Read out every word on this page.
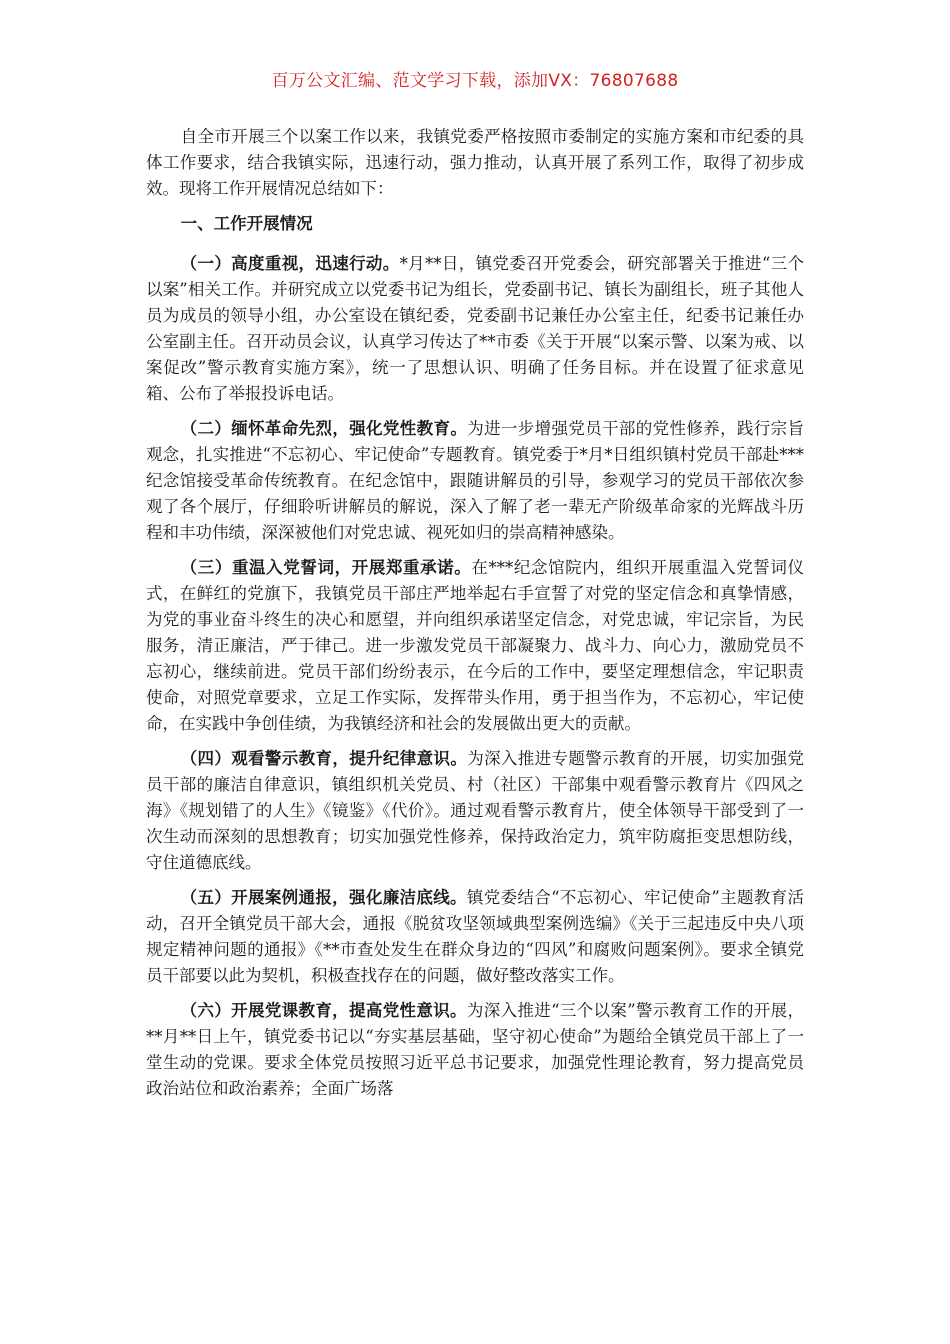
百万公文汇编、范文学习下载，添加VX：76807688

自全市开展三个以案工作以来，我镇党委严格按照市委制定的实施方案和市纪委的具体工作要求，结合我镇实际，迅速行动，强力推动，认真开展了系列工作，取得了初步成效。现将工作开展情况总结如下：

一、工作开展情况

（一）高度重视，迅速行动。*月**日，镇党委召开党委会，研究部署关于推进“三个以案”相关工作。并研究成立以党委书记为组长，党委副书记、镇长为副组长，班子其他人员为成员的领导小组，办公室设在镇纪委，党委副书记兼任办公室主任，纪委书记兼任办公室副主任。召开动员会议，认真学习传达了**市委《关于开展“以案示警、以案为戒、以案促改”警示教育实施方案》，统一了思想认识、明确了任务目标。并在设置了征求意见箱、公布了举报投诉电话。

（二）缅怀革命先烈，强化党性教育。为进一步增强党员干部的党性修养，践行宗旨观念，扎实推进“不忘初心、牢记使命”专题教育。镇党委于*月*日组织镇村党员干部赴***纪念馆接受革命传统教育。在纪念馆中，跟随讲解员的引导，参观学习的党员干部依次参观了各个展厅，仔细聆听讲解员的解说，深入了解了老一辈无产阶级革命家的光辉战斗历程和丰功伟绩，深深被他们对党忠诚、视死如归的崇高精神感染。

（三）重温入党誓词，开展郑重承诺。在***纪念馆院内，组织开展重温入党誓词仪式，在鲜红的党旗下，我镇党员干部庄严地举起右手宣誓了对党的坚定信念和真挚情感，为党的事业奋斗终生的决心和愿望，并向组织承诺坚定信念，对党忠诚，牢记宗旨，为民服务，清正廉洁，严于律己。进一步激发党员干部凝聚力、战斗力、向心力，激励党员不忘初心，继续前进。党员干部们纷纷表示，在今后的工作中，要坚定理想信念，牢记职责使命，对照党章要求，立足工作实际，发挥带头作用，勇于担当作为，不忘初心，牢记使命，在实践中争创佳绩，为我镇经济和社会的发展做出更大的贡献。

（四）观看警示教育，提升纪律意识。为深入推进专题警示教育的开展，切实加强党员干部的廉洁自律意识，镇组织机关党员、村（社区）干部集中观看警示教育片《四风之海》《规划错了的人生》《镜鉴》《代价》。通过观看警示教育片，使全体领导干部受到了一次生动而深刻的思想教育；切实加强党性修养，保持政治定力，筑牢防腐拒变思想防线，守住道德底线。

（五）开展案例通报，强化廉洁底线。镇党委结合“不忘初心、牢记使命”主题教育活动，召开全镇党员干部大会，通报《脱贫攻坚领域典型案例选编》《关于三起违反中央八项规定精神问题的通报》《**市查处发生在群众身边的“四风”和腐败问题案例》。要求全镇党员干部要以此为契机，积极查找存在的问题，做好整改落实工作。

（六）开展党课教育，提高党性意识。为深入推进“三个以案”警示教育工作的开展，**月**日上午，镇党委书记以“夯实基层基础，坚守初心使命”为题给全镇党员干部上了一堂生动的党课。要求全体党员按照习近平总书记要求，加强党性理论教育，努力提高党员政治站位和政治素养；全面广场落
